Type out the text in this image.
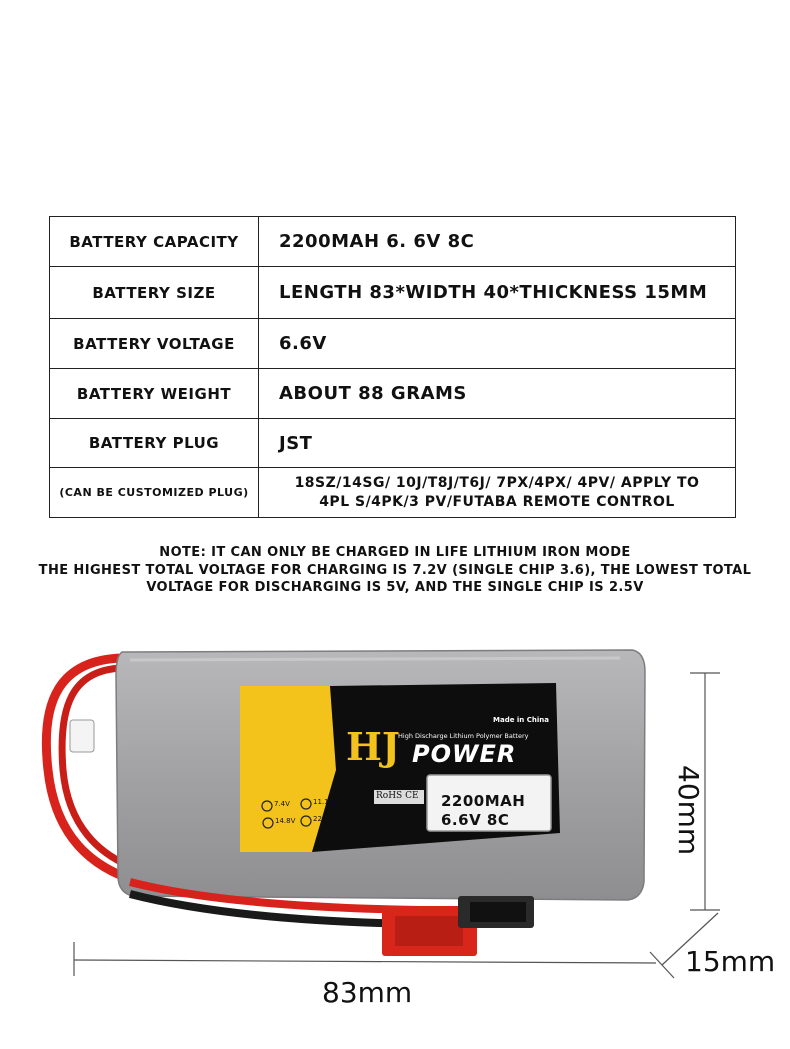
BATTERY CAPACITY	2200MAH 6. 6V 8C
BATTERY SIZE	LENGTH 83*WIDTH 40*THICKNESS 15MM
BATTERY VOLTAGE	6.6V
BATTERY WEIGHT	ABOUT 88 GRAMS
BATTERY PLUG	JST
(CAN BE CUSTOMIZED PLUG)	18SZ/14SG/ 10J/T8J/T6J/ 7PX/4PX/ 4PV/ APPLY TO
4PL S/4PK/3 PV/FUTABA REMOTE CONTROL
NOTE: IT CAN ONLY BE CHARGED IN LIFE LITHIUM IRON MODE
THE HIGHEST TOTAL VOLTAGE FOR CHARGING IS 7.2V (SINGLE CHIP 3.6), THE LOWEST TOTAL
VOLTAGE FOR DISCHARGING IS 5V, AND THE SINGLE CHIP IS 2.5V
HJ
Made in China
High Discharge Lithium Polymer Battery
POWER
RoHS CE 2200MAH
6.6V 8C
7.4V	11.1V
14.8V	22.2V	40mm
15mm
83mm
